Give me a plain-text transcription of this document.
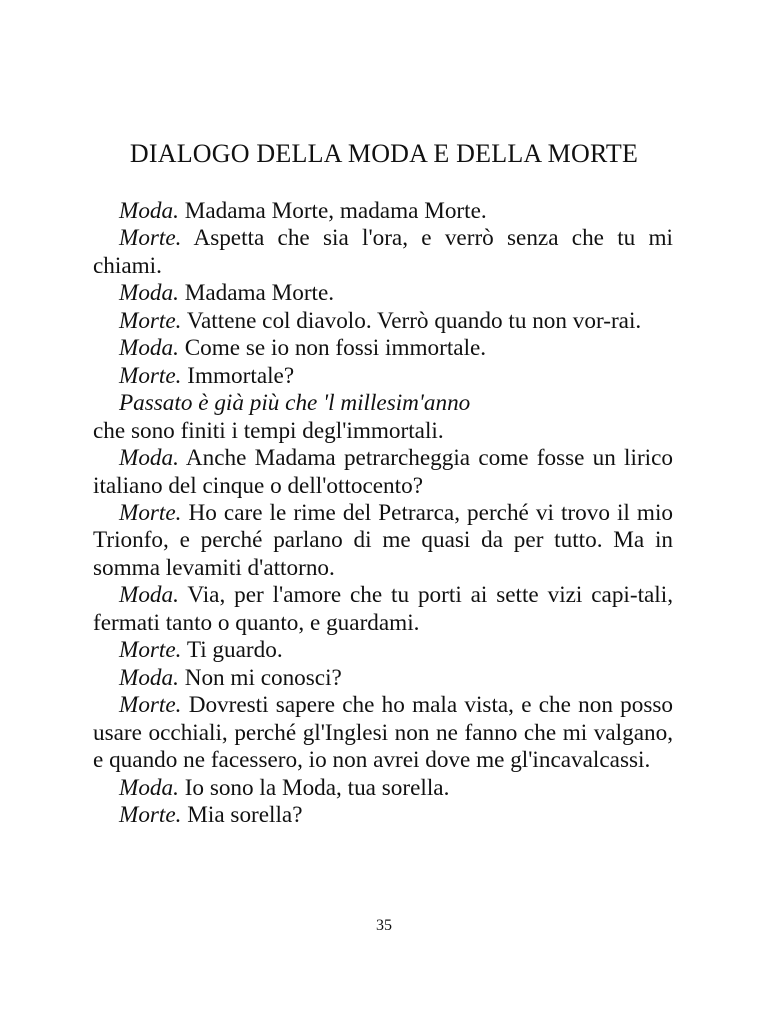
DIALOGO DELLA MODA E DELLA MORTE

Moda. Madama Morte, madama Morte.

Morte. Aspetta che sia l'ora, e verrò senza che tu mi chiami.

Moda. Madama Morte.

Morte. Vattene col diavolo. Verrò quando tu non vor-rai.

Moda. Come se io non fossi immortale.

Morte. Immortale?

Passato è già più che 'l millesim'anno

che sono finiti i tempi degl'immortali.

Moda. Anche Madama petrarcheggia come fosse un lirico italiano del cinque o dell'ottocento?

Morte. Ho care le rime del Petrarca, perché vi trovo il mio Trionfo, e perché parlano di me quasi da per tutto. Ma in somma levamiti d'attorno.

Moda. Via, per l'amore che tu porti ai sette vizi capi-tali, fermati tanto o quanto, e guardami.

Morte. Ti guardo.

Moda. Non mi conosci?

Morte. Dovresti sapere che ho mala vista, e che non posso usare occhiali, perché gl'Inglesi non ne fanno che mi valgano, e quando ne facessero, io non avrei dove me gl'incavalcassi.

Moda. Io sono la Moda, tua sorella.

Morte. Mia sorella?

35
